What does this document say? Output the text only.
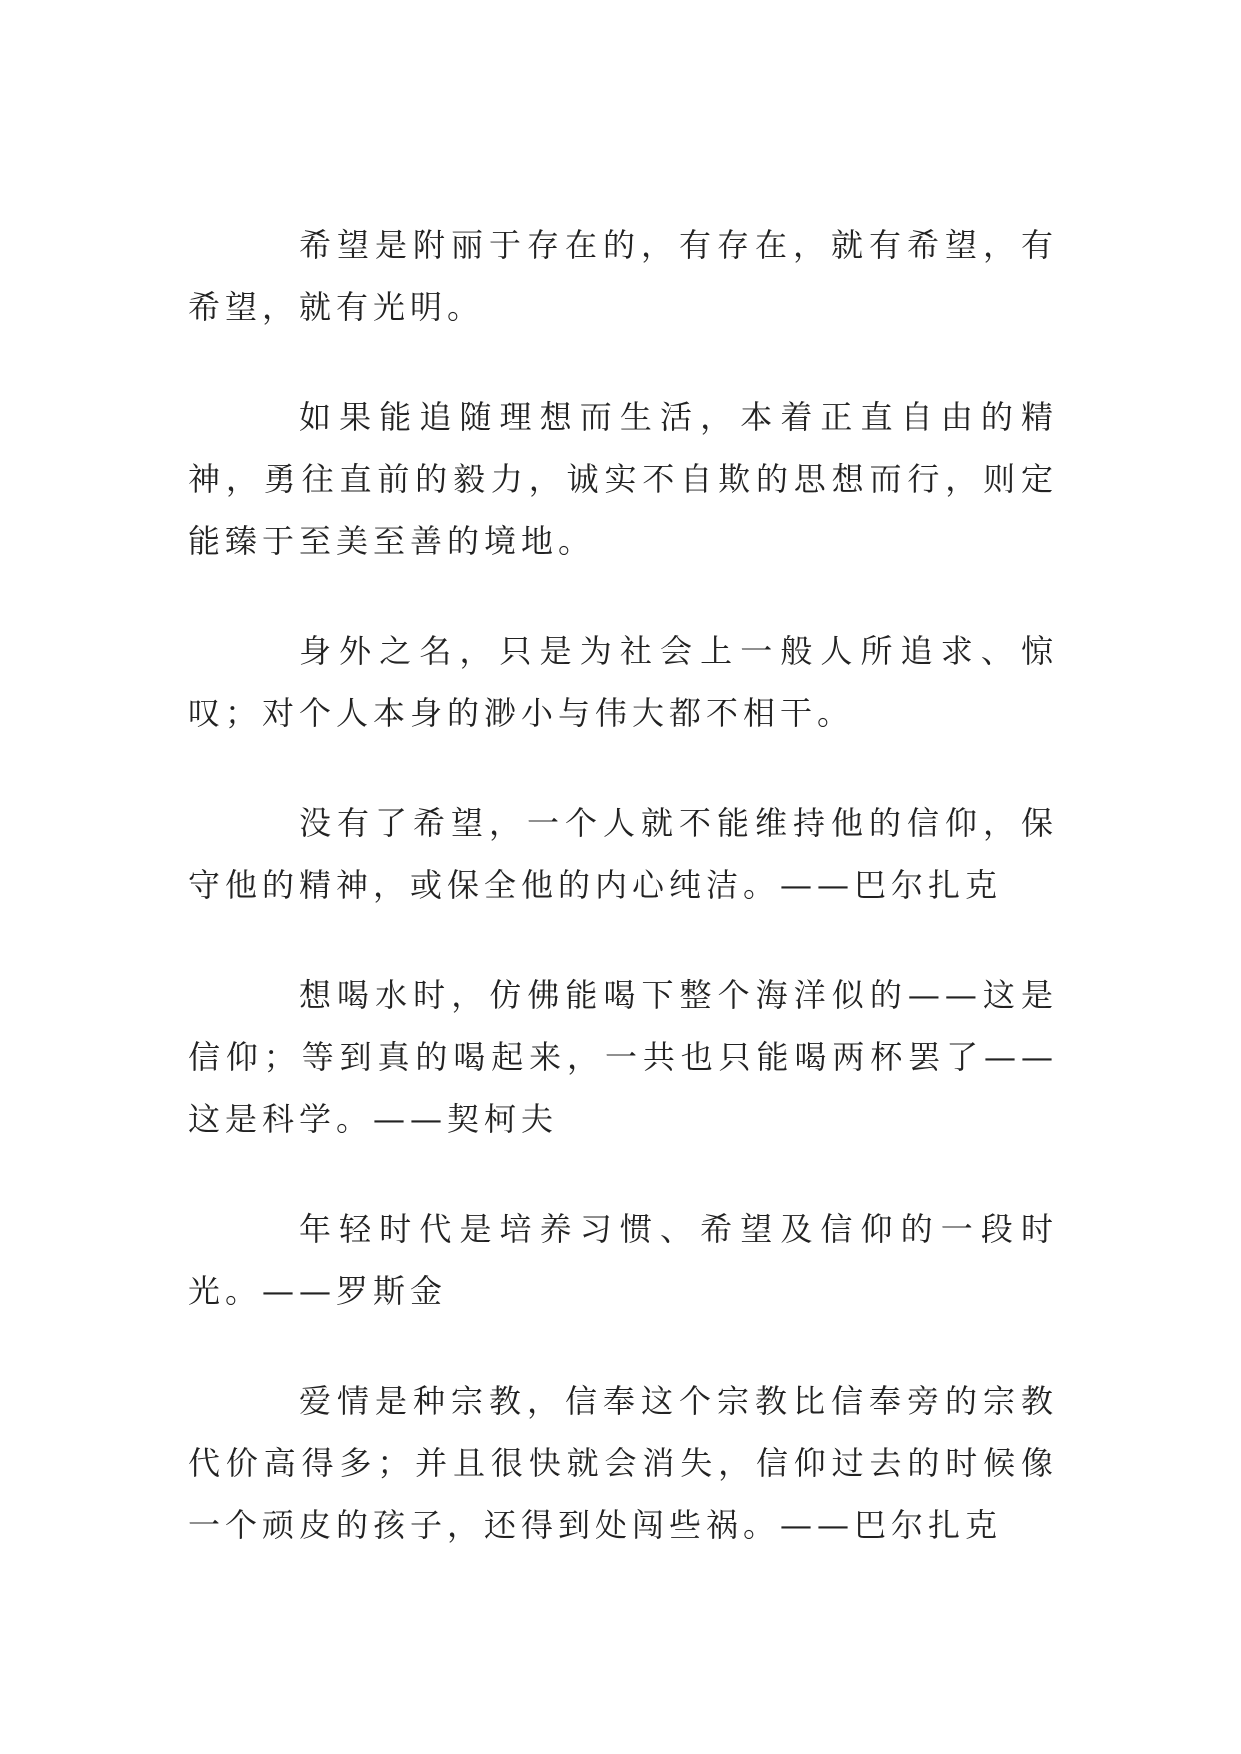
希望是附丽于存在的，有存在，就有希望，有希望，就有光明。

如果能追随理想而生活，本着正直自由的精神，勇往直前的毅力，诚实不自欺的思想而行，则定能臻于至美至善的境地。

身外之名，只是为社会上一般人所追求、惊叹；对个人本身的渺小与伟大都不相干。

没有了希望，一个人就不能维持他的信仰，保守他的精神，或保全他的内心纯洁。——巴尔扎克

想喝水时，仿佛能喝下整个海洋似的——这是信仰；等到真的喝起来，一共也只能喝两杯罢了——这是科学。——契柯夫

年轻时代是培养习惯、希望及信仰的一段时光。——罗斯金

爱情是种宗教，信奉这个宗教比信奉旁的宗教代价高得多；并且很快就会消失，信仰过去的时候像一个顽皮的孩子，还得到处闯些祸。——巴尔扎克
